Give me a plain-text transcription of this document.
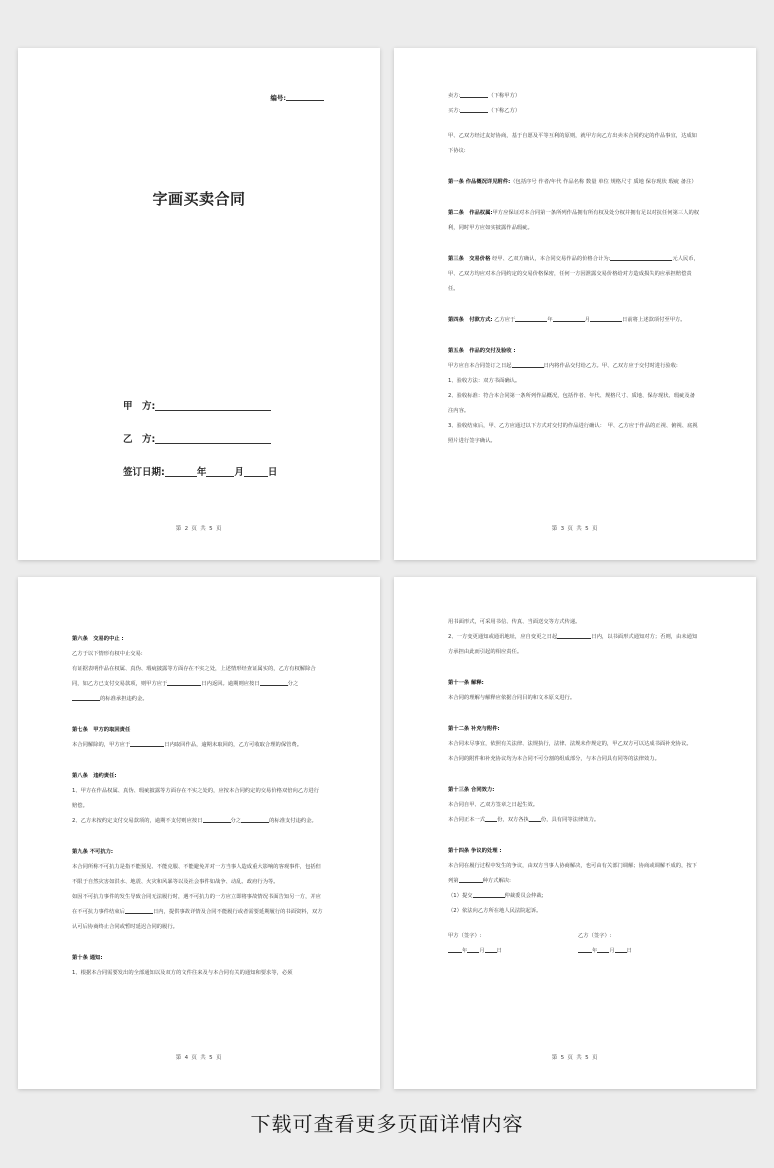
编号:
字画买卖合同
甲　方:
乙　方:
签订日期:	年	月	日
第 2 页 共 5 页

卖方:	（下称甲方）

买方:	（下称乙方）

甲、乙双方经过友好协商，基于自愿及平等互利的原则，就甲方向乙方出卖本合同约定的作品事宜，达成如下协议:

第一条 作品概况详见附件:（包括序号 作者/年代 作品名称 数量 单位 规格尺寸 质地 保存现状 瑕疵 备注）

第二条　作品权属:甲方应保证对本合同第一条所列作品拥有所有权及处分权并拥有足以对抗任何第三人的权利，同时甲方应如实披露作品瑕疵。

第三条　交易价格 经甲、乙双方确认，本合同交易作品的价格合计为:	元人民币，甲、乙双方均应对本合同约定的交易价格保密，任何一方因泄露交易价格给对方造成损失的应承担赔偿责任。

第四条　付款方式: 乙方应于	年	月	日前将上述款项付至甲方。

第五条　作品的交付及验收 :

甲方应自本合同签订之日起	日内将作品交付给乙方。甲、乙双方应于交付时进行验收:

1、验收方法：双方书面确认。

2、验收标准：符合本合同第一条所列作品概况，包括作者、年代、规格尺寸、质地、保存现状、瑕疵及备注内容。

3、验收结束后，甲、乙方应通过以下方式对交付的作品进行确认：　甲、乙方应于作品的正视、俯视、底视照片进行签字确认。

第 3 页 共 5 页

第六条　交易的中止 :

乙方于以下情形有权中止交易:

有证据表明作品在权属、真伪、瑕疵披露等方面存在不实之处，上述情形经查证属实的，乙方有权解除合同，如乙方已支付交易款项，则甲方应于	日内返回。逾期则应按日	分之的标准承担违约金。

第七条　甲方的取回责任

本合同解除的，甲方应于	日内取回作品，逾期未取回的，乙方可收取合理的保管费。

第八条　违约责任:

1、甲方在作品权属、真伪、瑕疵披露等方面存在不实之处的，应按本合同约定的交易价格双倍向乙方进行赔偿。

2、乙方未按约定支付交易款项的，逾期不支付则应按日	分之	的标准支付违约金。

第九条 不可抗力:

本合同所称不可抗力是指不能预见、不能克服、不能避免并对一方当事人造成重大影响的客观事件，包括但不限于自然灾害如洪水、地震、火灾和风暴等以及社会事件如战争、动乱、政府行为等。

如因不可抗力事件的发生导致合同无法履行时，遇不可抗力的一方应立即将事故情况书面告知另一方，并应在不可抗力事件结束后	日内，提供事故详情及合同不能履行或者需要延期履行的书面资料，双方认可后协商终止合同或暂时延迟合同的履行。

第十条 通知:

1、根据本合同需要发出的全部通知以及双方的文件往来及与本合同有关的通知和要求等，必须

第 4 页 共 5 页

用书面形式，可采用书信、传真、当面送交等方式传递。

2、一方变更通知或通讯地址，应自变更之日起	日内，以书面形式通知对方；否则，由未通知方承担由此而引起的相应责任。

第十一条 解释:

本合同的理解与解释应依据合同目的和文本原义进行。

第十二条 补充与附件:

本合同未尽事宜，依照有关法律、法规执行，法律、法规未作规定的，甲乙双方可以达成书面补充协议。

本合同的附件和补充协议均为本合同不可分割的组成部分，与本合同具有同等的法律效力。

第十三条 合同效力:

本合同自甲、乙双方签章之日起生效。

本合同正本一式 份，双方各执 份，具有同等法律效力。

第十四条 争议的处理 :

本合同在履行过程中发生的争议，由双方当事人协商解决，也可由有关部门调解；协商或调解不成的，按下列第	种方式解决:

（1）提交	仲裁委员会仲裁;

（2）依法向乙方所在地人民法院起诉。

甲方（签字）:	乙方（签字）:

年 月 日	年 月 日

第 5 页 共 5 页
下载可查看更多页面详情内容
